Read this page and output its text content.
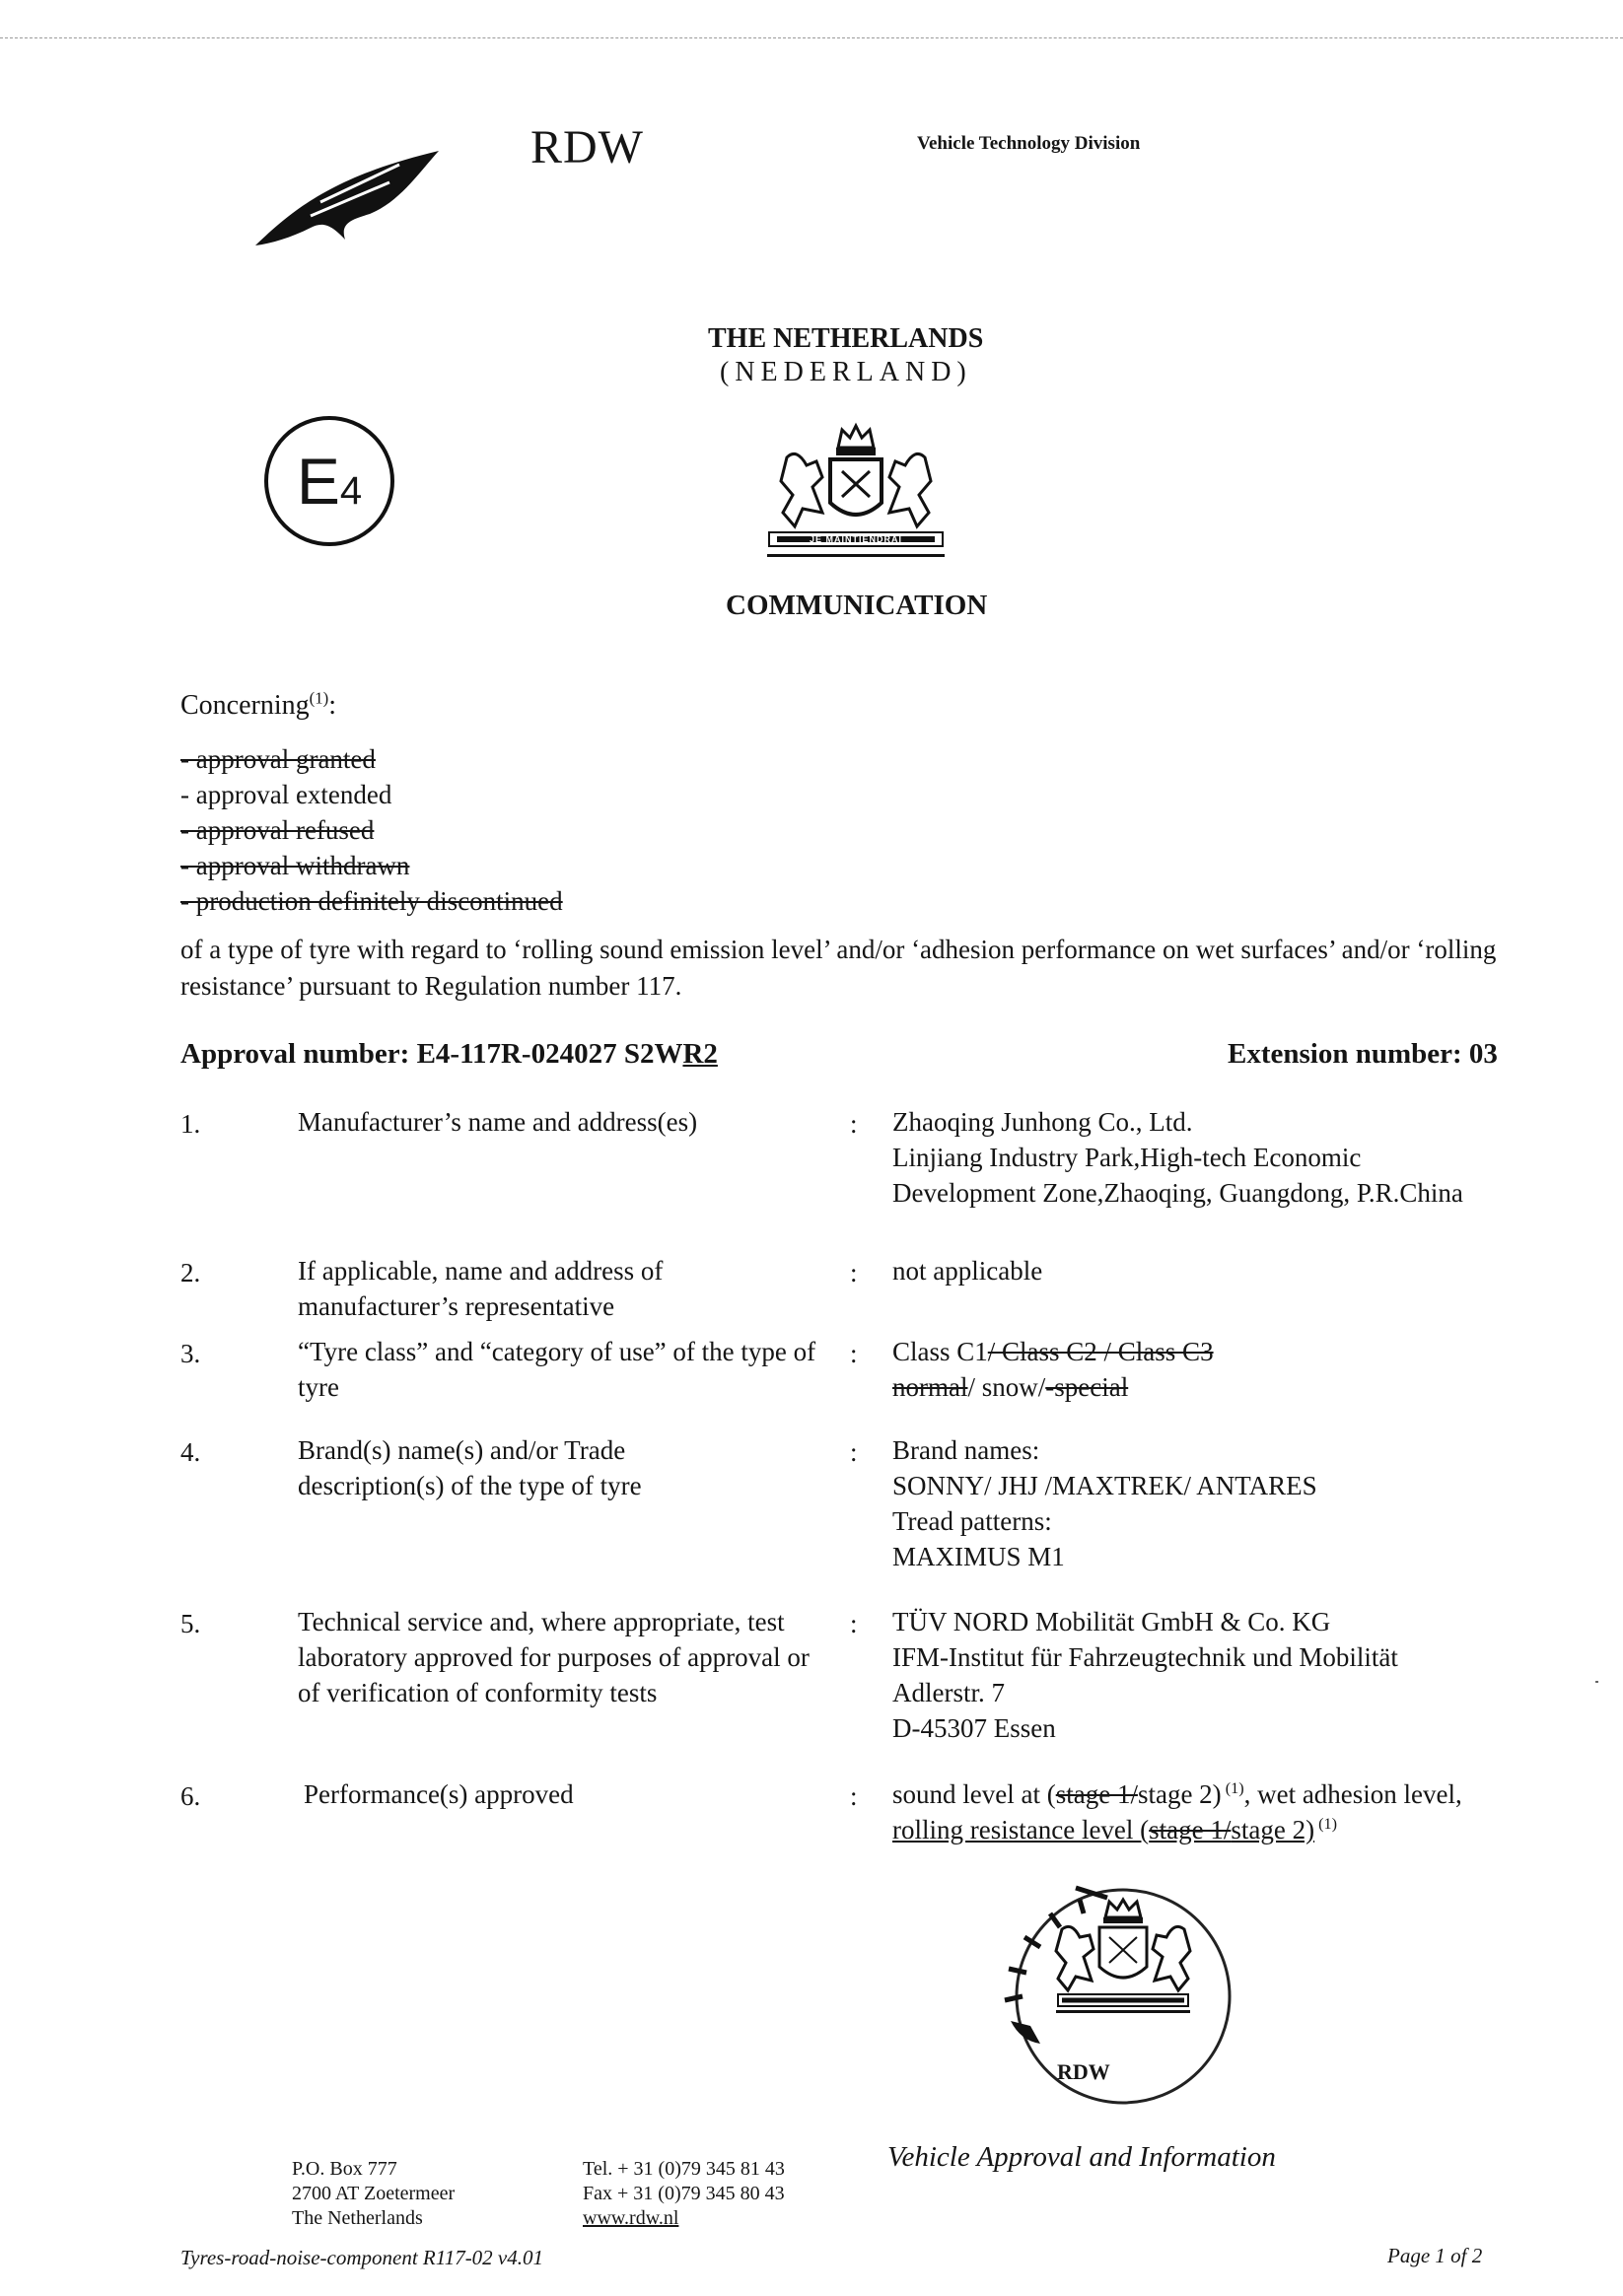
RDW	Vehicle Technology Division
THE NETHERLANDS
(NEDERLAND)
E4
JE MAINTIENDRAI
COMMUNICATION
Concerning$^{(1)}$:
- approval granted
- approval extended
- approval refused
- approval withdrawn
- production definitely discontinued
of a type of tyre with regard to ‘rolling sound emission level’ and/or ‘adhesion performance on wet surfaces’ and/or ‘rolling resistance’ pursuant to Regulation number 117.
Approval number: E4-117R-024027 S2WR2	Extension number: 03
1.	Manufacturer’s name and address(es)	: Zhaoqing Junhong Co., Ltd.
Linjiang Industry Park,High-tech Economic
Development Zone,Zhaoqing, Guangdong, P.R.China
2.	If applicable, name and address of manufacturer’s representative
: not applicable
3.	“Tyre class” and “category of use” of the type of tyre
: Class C1/ Class C2 / Class C3
normal/ snow/-special
4.	Brand(s) name(s) and/or Trade description(s) of the type of tyre
: Brand names:
SONNY/ JHJ /MAXTREK/ ANTARES
Tread patterns:
MAXIMUS M1
5.	Technical service and, where appropriate, test laboratory approved for purposes of approval or of verification of conformity tests
: TÜV NORD Mobilität GmbH & Co. KG
IFM-Institut für Fahrzeugtechnik und Mobilität
Adlerstr. 7
D-45307 Essen
6.	Performance(s) approved	: sound level at (stage 1/stage 2) $^{(1)}$, wet adhesion level,
rolling resistance level (stage 1/stage 2) $^{(1)}$
RDW
P.O. Box 777
2700 AT Zoetermeer
The Netherlands
Tel. + 31 (0)79 345 81 43
Fax + 31 (0)79 345 80 43
www.rdw.nl
Vehicle Approval and Information
Tyres-road-noise-component R117-02 v4.01	Page 1 of 2
